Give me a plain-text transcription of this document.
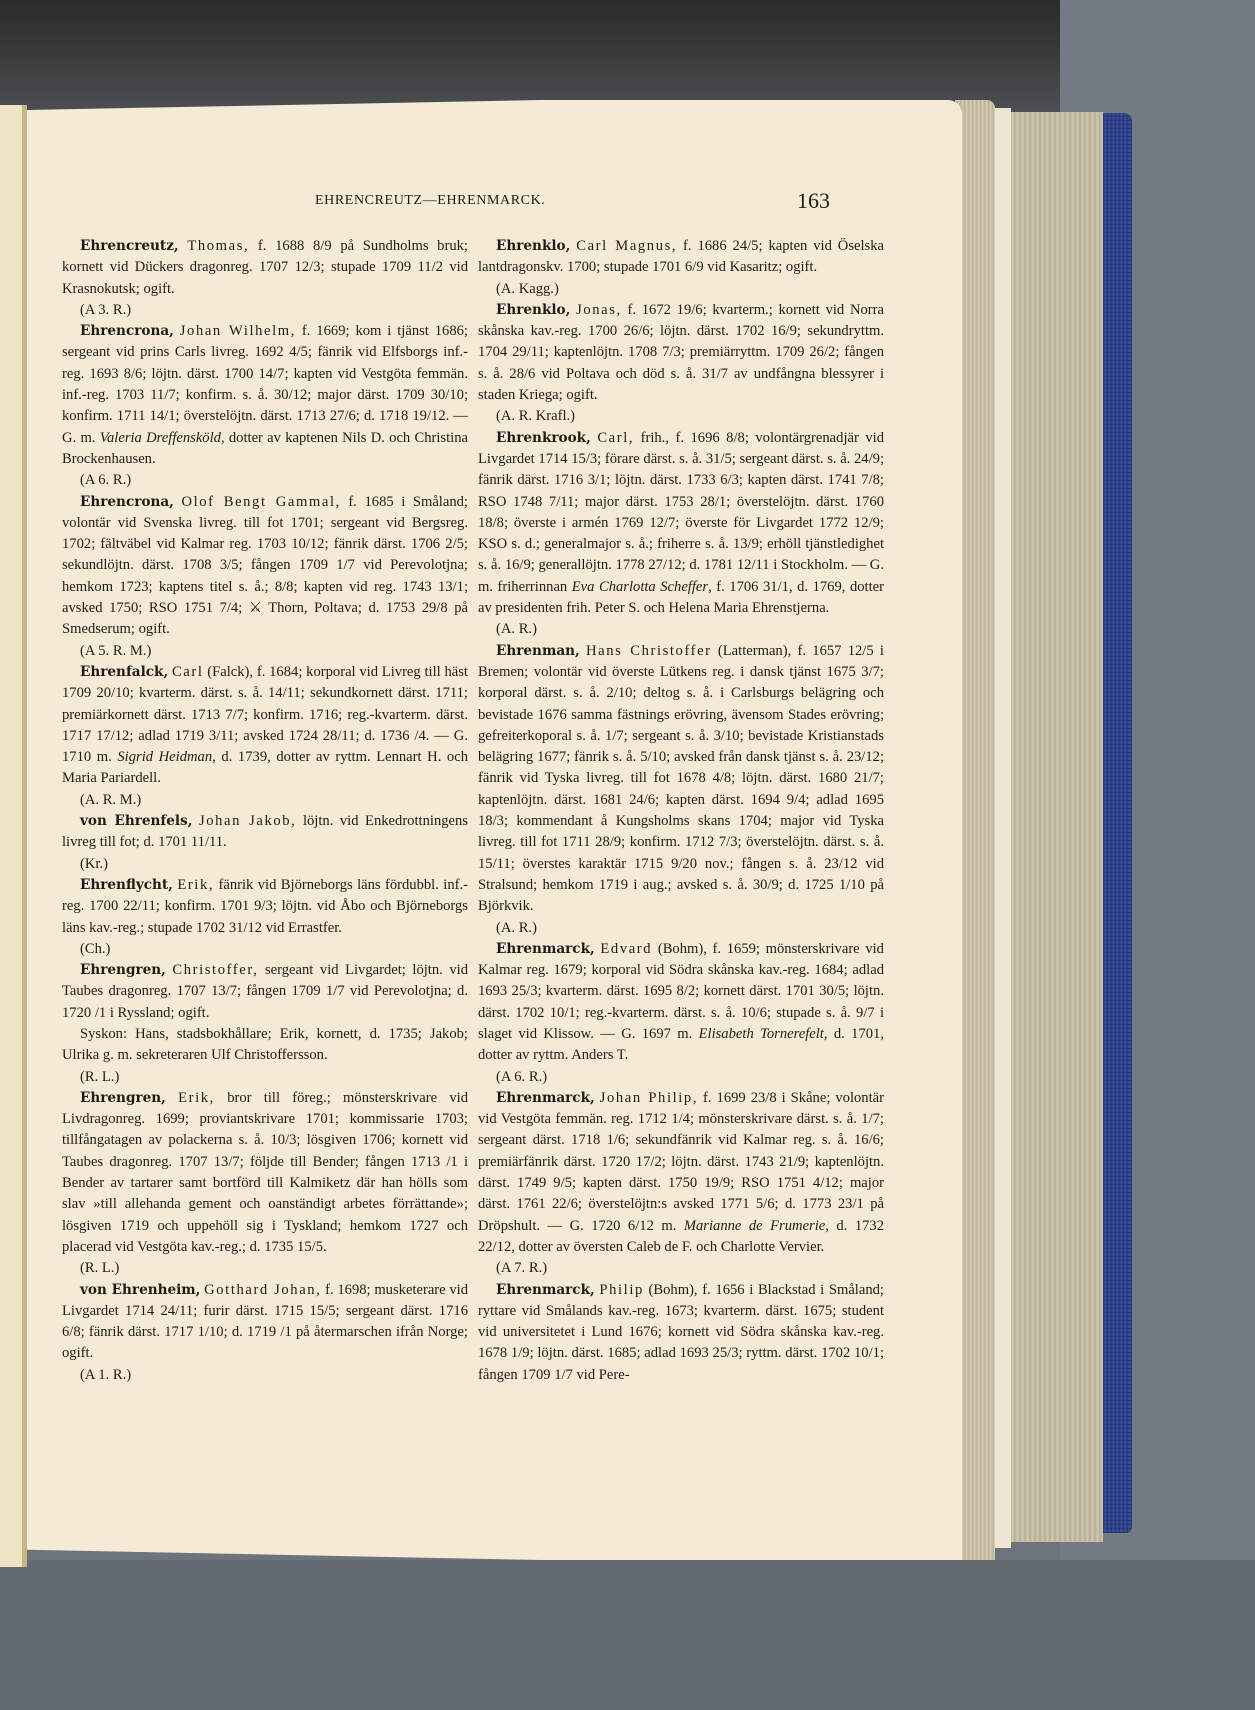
EHRENCREUTZ—EHRENMARCK.	163

Ehrencreutz, Thomas, f. 1688 8/9 på Sundholms bruk; kornett vid Dückers dragonreg. 1707 12/3; stupade 1709 11/2 vid Krasnokutsk; ogift.

(A 3. R.)

Ehrencrona, Johan Wilhelm, f. 1669; kom i tjänst 1686; sergeant vid prins Carls livreg. 1692 4/5; fänrik vid Elfsborgs inf.-reg. 1693 8/6; löjtn. därst. 1700 14/7; kapten vid Vestgöta femmän. inf.-reg. 1703 11/7; konfirm. s. å. 30/12; major därst. 1709 30/10; konfirm. 1711 14/1; överstelöjtn. därst. 1713 27/6; d. 1718 19/12. — G. m. Valeria Dreffensköld, dotter av kaptenen Nils D. och Christina Brockenhausen.

(A 6. R.)

Ehrencrona, Olof Bengt Gammal, f. 1685 i Småland; volontär vid Svenska livreg. till fot 1701; sergeant vid Bergsreg. 1702; fältväbel vid Kalmar reg. 1703 10/12; fänrik därst. 1706 2/5; sekundlöjtn. därst. 1708 3/5; fången 1709 1/7 vid Perevolotjna; hemkom 1723; kaptens titel s. å.; 8/8; kapten vid reg. 1743 13/1; avsked 1750; RSO 1751 7/4; ⚔ Thorn, Poltava; d. 1753 29/8 på Smedserum; ogift.

(A 5. R. M.)

Ehrenfalck, Carl (Falck), f. 1684; korporal vid Livreg till häst 1709 20/10; kvarterm. därst. s. å. 14/11; sekundkornett därst. 1711; premiärkornett därst. 1713 7/7; konfirm. 1716; reg.-kvarterm. därst. 1717 17/12; adlad 1719 3/11; avsked 1724 28/11; d. 1736 /4. — G. 1710 m. Sigrid Heidman, d. 1739, dotter av ryttm. Lennart H. och Maria Pariardell.

(A. R. M.)

von Ehrenfels, Johan Jakob, löjtn. vid Enkedrottningens livreg till fot; d. 1701 11/11.

(Kr.)

Ehrenflycht, Erik, fänrik vid Björneborgs läns fördubbl. inf.-reg. 1700 22/11; konfirm. 1701 9/3; löjtn. vid Åbo och Björneborgs läns kav.-reg.; stupade 1702 31/12 vid Errastfer.

(Ch.)

Ehrengren, Christoffer, sergeant vid Livgardet; löjtn. vid Taubes dragonreg. 1707 13/7; fången 1709 1/7 vid Perevolotjna; d. 1720 /1 i Ryssland; ogift.

Syskon: Hans, stadsbokhållare; Erik, kornett, d. 1735; Jakob; Ulrika g. m. sekreteraren Ulf Christoffersson.

(R. L.)

Ehrengren, Erik, bror till föreg.; mönsterskrivare vid Livdragonreg. 1699; proviantskrivare 1701; kommissarie 1703; tillfångatagen av polackerna s. å. 10/3; lösgiven 1706; kornett vid Taubes dragonreg. 1707 13/7; följde till Bender; fången 1713 /1 i Bender av tartarer samt bortförd till Kalmiketz där han hölls som slav »till allehanda gement och oanständigt arbetes förrättande»; lösgiven 1719 och uppehöll sig i Tyskland; hemkom 1727 och placerad vid Vestgöta kav.-reg.; d. 1735 15/5.

(R. L.)

von Ehrenheim, Gotthard Johan, f. 1698; musketerare vid Livgardet 1714 24/11; furir därst. 1715 15/5; sergeant därst. 1716 6/8; fänrik därst. 1717 1/10; d. 1719 /1 på återmarschen ifrån Norge; ogift.

(A 1. R.)

Ehrenklo, Carl Magnus, f. 1686 24/5; kapten vid Öselska lantdragonskv. 1700; stupade 1701 6/9 vid Kasaritz; ogift.

(A. Kagg.)

Ehrenklo, Jonas, f. 1672 19/6; kvarterm.; kornett vid Norra skånska kav.-reg. 1700 26/6; löjtn. därst. 1702 16/9; sekundryttm. 1704 29/11; kaptenlöjtn. 1708 7/3; premiärryttm. 1709 26/2; fången s. å. 28/6 vid Poltava och död s. å. 31/7 av undfångna blessyrer i staden Kriega; ogift.

(A. R. Krafl.)

Ehrenkrook, Carl, frih., f. 1696 8/8; volontärgrenadjär vid Livgardet 1714 15/3; förare därst. s. å. 31/5; sergeant därst. s. å. 24/9; fänrik därst. 1716 3/1; löjtn. därst. 1733 6/3; kapten därst. 1741 7/8; RSO 1748 7/11; major därst. 1753 28/1; överstelöjtn. därst. 1760 18/8; överste i armén 1769 12/7; överste för Livgardet 1772 12/9; KSO s. d.; generalmajor s. å.; friherre s. å. 13/9; erhöll tjänstledighet s. å. 16/9; generallöjtn. 1778 27/12; d. 1781 12/11 i Stockholm. — G. m. friherrinnan Eva Charlotta Scheffer, f. 1706 31/1, d. 1769, dotter av presidenten frih. Peter S. och Helena Maria Ehrenstjerna.

(A. R.)

Ehrenman, Hans Christoffer (Latterman), f. 1657 12/5 i Bremen; volontär vid överste Lütkens reg. i dansk tjänst 1675 3/7; korporal därst. s. å. 2/10; deltog s. å. i Carlsburgs belägring och bevistade 1676 samma fästnings erövring, ävensom Stades erövring; gefreiterkoporal s. å. 1/7; sergeant s. å. 3/10; bevistade Kristianstads belägring 1677; fänrik s. å. 5/10; avsked från dansk tjänst s. å. 23/12; fänrik vid Tyska livreg. till fot 1678 4/8; löjtn. därst. 1680 21/7; kaptenlöjtn. därst. 1681 24/6; kapten därst. 1694 9/4; adlad 1695 18/3; kommendant å Kungsholms skans 1704; major vid Tyska livreg. till fot 1711 28/9; konfirm. 1712 7/3; överstelöjtn. därst. s. å. 15/11; överstes karaktär 1715 9/20 nov.; fången s. å. 23/12 vid Stralsund; hemkom 1719 i aug.; avsked s. å. 30/9; d. 1725 1/10 på Björkvik.

(A. R.)

Ehrenmarck, Edvard (Bohm), f. 1659; mönsterskrivare vid Kalmar reg. 1679; korporal vid Södra skånska kav.-reg. 1684; adlad 1693 25/3; kvarterm. därst. 1695 8/2; kornett därst. 1701 30/5; löjtn. därst. 1702 10/1; reg.-kvarterm. därst. s. å. 10/6; stupade s. å. 9/7 i slaget vid Klissow. — G. 1697 m. Elisabeth Tornerefelt, d. 1701, dotter av ryttm. Anders T.

(A 6. R.)

Ehrenmarck, Johan Philip, f. 1699 23/8 i Skåne; volontär vid Vestgöta femmän. reg. 1712 1/4; mönsterskrivare därst. s. å. 1/7; sergeant därst. 1718 1/6; sekundfänrik vid Kalmar reg. s. å. 16/6; premiärfänrik därst. 1720 17/2; löjtn. därst. 1743 21/9; kaptenlöjtn. därst. 1749 9/5; kapten därst. 1750 19/9; RSO 1751 4/12; major därst. 1761 22/6; överstelöjtn:s avsked 1771 5/6; d. 1773 23/1 på Dröpshult. — G. 1720 6/12 m. Marianne de Frumerie, d. 1732 22/12, dotter av översten Caleb de F. och Charlotte Vervier.

(A 7. R.)

Ehrenmarck, Philip (Bohm), f. 1656 i Blackstad i Småland; ryttare vid Smålands kav.-reg. 1673; kvarterm. därst. 1675; student vid universitetet i Lund 1676; kornett vid Södra skånska kav.-reg. 1678 1/9; löjtn. därst. 1685; adlad 1693 25/3; ryttm. därst. 1702 10/1; fången 1709 1/7 vid Pere-
